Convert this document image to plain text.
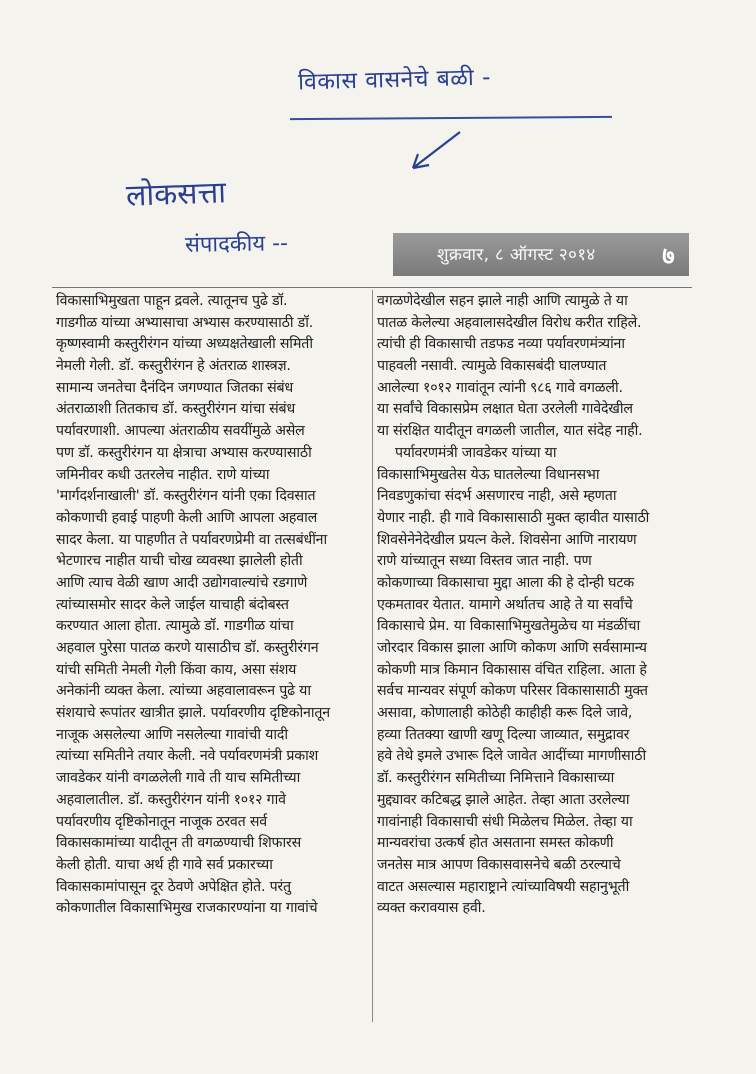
विकास वासनेचे बळी -
लोकसत्ता
संपादकीय --	शुक्रवार, ८ ऑगस्ट २०१४	७
विकासाभिमुखता पाहून द्रवले. त्यातूनच पुढे डॉ.
गाडगीळ यांच्या अभ्यासाचा अभ्यास करण्यासाठी डॉ.
कृष्णस्वामी कस्तुरीरंगन यांच्या अध्यक्षतेखाली समिती
नेमली गेली. डॉ. कस्तुरीरंगन हे अंतराळ शास्त्रज्ञ.
सामान्य जनतेचा दैनंदिन जगण्यात जितका संबंध
अंतराळाशी तितकाच डॉ. कस्तुरीरंगन यांचा संबंध
पर्यावरणाशी. आपल्या अंतराळीय सवयींमुळे असेल
पण डॉ. कस्तुरीरंगन या क्षेत्राचा अभ्यास करण्यासाठी
जमिनीवर कधी उतरलेच नाहीत. राणे यांच्या
'मार्गदर्शनाखाली' डॉ. कस्तुरीरंगन यांनी एका दिवसात
कोकणाची हवाई पाहणी केली आणि आपला अहवाल
सादर केला. या पाहणीत ते पर्यावरणप्रेमी वा तत्सबंधींना
भेटणारच नाहीत याची चोख व्यवस्था झालेली होती
आणि त्याच वेळी खाण आदी उद्योगवाल्यांचे रडगाणे
त्यांच्यासमोर सादर केले जाईल याचाही बंदोबस्त
करण्यात आला होता. त्यामुळे डॉ. गाडगीळ यांचा
अहवाल पुरेसा पातळ करणे यासाठीच डॉ. कस्तुरीरंगन
यांची समिती नेमली गेली किंवा काय, असा संशय
अनेकांनी व्यक्त केला. त्यांच्या अहवालावरून पुढे या
संशयाचे रूपांतर खात्रीत झाले. पर्यावरणीय दृष्टिकोनातून
नाजूक असलेल्या आणि नसलेल्या गावांची यादी
त्यांच्या समितीने तयार केली. नवे पर्यावरणमंत्री प्रकाश
जावडेकर यांनी वगळलेली गावे ती याच समितीच्या
अहवालातील. डॉ. कस्तुरीरंगन यांनी १०१२ गावे
पर्यावरणीय दृष्टिकोनातून नाजूक ठरवत सर्व
विकासकामांच्या यादीतून ती वगळण्याची शिफारस
केली होती. याचा अर्थ ही गावे सर्व प्रकारच्या
विकासकामांपासून दूर ठेवणे अपेक्षित होते. परंतु
कोकणातील विकासाभिमुख राजकारण्यांना या गावांचे
वगळणेदेखील सहन झाले नाही आणि त्यामुळे ते या
पातळ केलेल्या अहवालासदेखील विरोध करीत राहिले.
त्यांची ही विकासाची तडफड नव्या पर्यावरणमंत्र्यांना
पाहवली नसावी. त्यामुळे विकासबंदी घालण्यात
आलेल्या १०१२ गावांतून त्यांनी ९८६ गावे वगळली.
या सर्वांचे विकासप्रेम लक्षात घेता उरलेली गावेदेखील
या संरक्षित यादीतून वगळली जातील, यात संदेह नाही.
पर्यावरणमंत्री जावडेकर यांच्या या
विकासाभिमुखतेस येऊ घातलेल्या विधानसभा
निवडणुकांचा संदर्भ असणारच नाही, असे म्हणता
येणार नाही. ही गावे विकासासाठी मुक्त व्हावीत यासाठी
शिवसेनेनेदेखील प्रयत्न केले. शिवसेना आणि नारायण
राणे यांच्यातून सध्या विस्तव जात नाही. पण
कोकणाच्या विकासाचा मुद्दा आला की हे दोन्ही घटक
एकमतावर येतात. यामागे अर्थातच आहे ते या सर्वांचे
विकासाचे प्रेम. या विकासाभिमुखतेमुळेच या मंडळींचा
जोरदार विकास झाला आणि कोकण आणि सर्वसामान्य
कोकणी मात्र किमान विकासास वंचित राहिला. आता हे
सर्वच मान्यवर संपूर्ण कोकण परिसर विकासासाठी मुक्त
असावा, कोणालाही कोठेही काहीही करू दिले जावे,
हव्या तितक्या खाणी खणू दिल्या जाव्यात, समुद्रावर
हवे तेथे इमले उभारू दिले जावेत आदींच्या मागणीसाठी
डॉ. कस्तुरीरंगन समितीच्या निमित्ताने विकासाच्या
मुद्द्यावर कटिबद्ध झाले आहेत. तेव्हा आता उरलेल्या
गावांनाही विकासाची संधी मिळेलच मिळेल. तेव्हा या
मान्यवरांचा उत्कर्ष होत असताना समस्त कोकणी
जनतेस मात्र आपण विकासवासनेचे बळी ठरल्याचे
वाटत असल्यास महाराष्ट्राने त्यांच्याविषयी सहानुभूती
व्यक्त करावयास हवी.
